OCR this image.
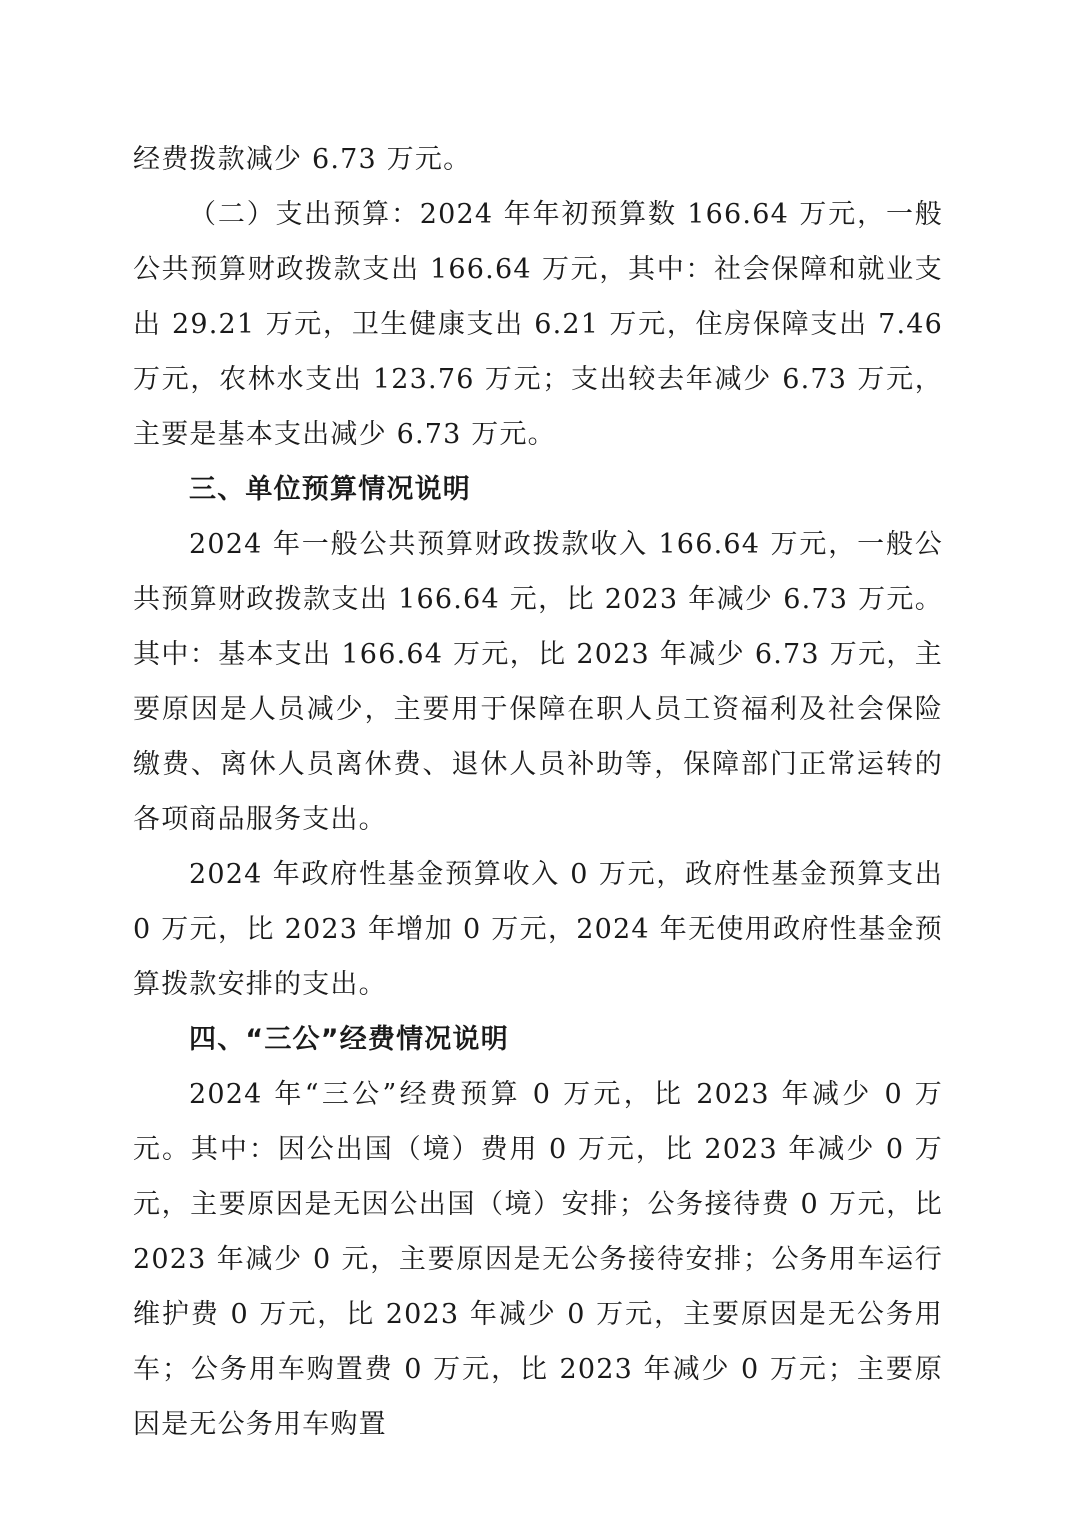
经费拨款减少 6.73 万元。

（二）支出预算：2024 年年初预算数 166.64 万元，一般公共预算财政拨款支出 166.64 万元，其中：社会保障和就业支出 29.21 万元，卫生健康支出 6.21 万元，住房保障支出 7.46 万元，农林水支出 123.76 万元；支出较去年减少 6.73 万元，主要是基本支出减少 6.73 万元。

三、单位预算情况说明

2024 年一般公共预算财政拨款收入 166.64 万元，一般公共预算财政拨款支出 166.64 元，比 2023 年减少 6.73 万元。其中：基本支出 166.64 万元，比 2023 年减少 6.73 万元，主要原因是人员减少，主要用于保障在职人员工资福利及社会保险缴费、离休人员离休费、退休人员补助等，保障部门正常运转的各项商品服务支出。

2024 年政府性基金预算收入 0 万元，政府性基金预算支出 0 万元，比 2023 年增加 0 万元，2024 年无使用政府性基金预算拨款安排的支出。

四、“三公”经费情况说明

2024 年“三公”经费预算 0 万元，比 2023 年减少 0 万元。其中：因公出国（境）费用 0 万元，比 2023 年减少 0 万元，主要原因是无因公出国（境）安排；公务接待费 0 万元，比 2023 年减少 0 元，主要原因是无公务接待安排；公务用车运行维护费 0 万元，比 2023 年减少 0 万元，主要原因是无公务用车；公务用车购置费 0 万元，比 2023 年减少 0 万元；主要原因是无公务用车购置
